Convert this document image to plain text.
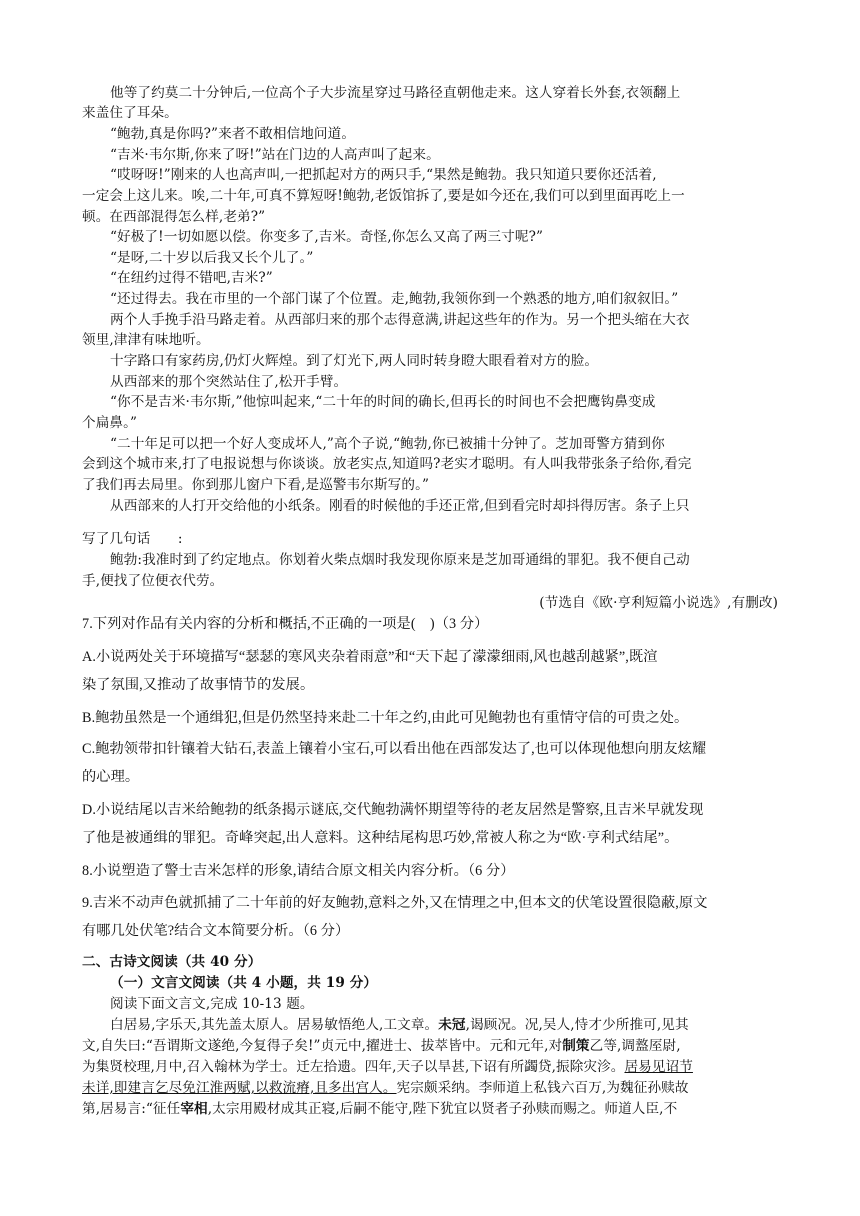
他等了约莫二十分钟后,一位高个子大步流星穿过马路径直朝他走来。这人穿着长外套,衣领翻上
来盖住了耳朵。
“鲍勃,真是你吗?”来者不敢相信地问道。
“吉米·韦尔斯,你来了呀!”站在门边的人高声叫了起来。
“哎呀呀!”刚来的人也高声叫,一把抓起对方的两只手,“果然是鲍勃。我只知道只要你还活着,
一定会上这儿来。唉,二十年,可真不算短呀!鲍勃,老饭馆拆了,要是如今还在,我们可以到里面再吃上一
顿。在西部混得怎么样,老弟?”
“好极了!一切如愿以偿。你变多了,吉米。奇怪,你怎么又高了两三寸呢?”
“是呀,二十岁以后我又长个儿了。”
“在纽约过得不错吧,吉米?”
“还过得去。我在市里的一个部门谋了个位置。走,鲍勃,我领你到一个熟悉的地方,咱们叙叙旧。”
两个人手挽手沿马路走着。从西部归来的那个志得意满,讲起这些年的作为。另一个把头缩在大衣
领里,津津有味地听。
十字路口有家药房,仍灯火辉煌。到了灯光下,两人同时转身瞪大眼看着对方的脸。
从西部来的那个突然站住了,松开手臂。
“你不是吉米·韦尔斯,”他惊叫起来,“二十年的时间的确长,但再长的时间也不会把鹰钩鼻变成
个扁鼻。”
“二十年足可以把一个好人变成坏人,”高个子说,“鲍勃,你已被捕十分钟了。芝加哥警方猜到你
会到这个城市来,打了电报说想与你谈谈。放老实点,知道吗?老实才聪明。有人叫我带张条子给你,看完
了我们再去局里。你到那儿窗户下看,是巡警韦尔斯写的。”
从西部来的人打开交给他的小纸条。刚看的时候他的手还正常,但到看完时却抖得厉害。条子上只
写了几句话　　:
鲍勃:我准时到了约定地点。你划着火柴点烟时我发现你原来是芝加哥通缉的罪犯。我不便自己动
手,便找了位便衣代劳。
(节选自《欧·亨利短篇小说选》,有删改)
7.下列对作品有关内容的分析和概括,不正确的一项是(　)（3 分）
A.小说两处关于环境描写“瑟瑟的寒风夹杂着雨意”和“天下起了濛濛细雨,风也越刮越紧”,既渲
染了氛围,又推动了故事情节的发展。
B.鲍勃虽然是一个通缉犯,但是仍然坚持来赴二十年之约,由此可见鲍勃也有重情守信的可贵之处。
C.鲍勃领带扣针镶着大钻石,表盖上镶着小宝石,可以看出他在西部发达了,也可以体现他想向朋友炫耀
的心理。
D.小说结尾以吉米给鲍勃的纸条揭示谜底,交代鲍勃满怀期望等待的老友居然是警察,且吉米早就发现
了他是被通缉的罪犯。奇峰突起,出人意料。这种结尾构思巧妙,常被人称之为“欧·亨利式结尾”。
8.小说塑造了警士吉米怎样的形象,请结合原文相关内容分析。（6 分）
9.吉米不动声色就抓捕了二十年前的好友鲍勃,意料之外,又在情理之中,但本文的伏笔设置很隐蔽,原文
有哪几处伏笔?结合文本简要分析。（6 分）
二、古诗文阅读（共 40 分）
（一）文言文阅读（共 4 小题，共 19 分）
阅读下面文言文,完成 10-13 题。
白居易,字乐天,其先盖太原人。居易敏悟绝人,工文章。未冠,谒顾况。况,吴人,恃才少所推可,见其
文,自失曰:“吾谓斯文遂绝,今复得子矣!”贞元中,擢进士、拔萃皆中。元和元年,对制策乙等,调盩厔尉,
为集贤校理,月中,召入翰林为学士。迁左拾遗。四年,天子以旱甚,下诏有所蠲贷,振除灾沴。居易见诏节
未详,即建言乞尽免江淮两赋,以救流瘠,且多出宫人。宪宗颇采纳。李师道上私钱六百万,为魏征孙赎故
第,居易言:“征任宰相,太宗用殿材成其正寝,后嗣不能守,陛下犹宜以贤者子孙赎而赐之。师道人臣,不
